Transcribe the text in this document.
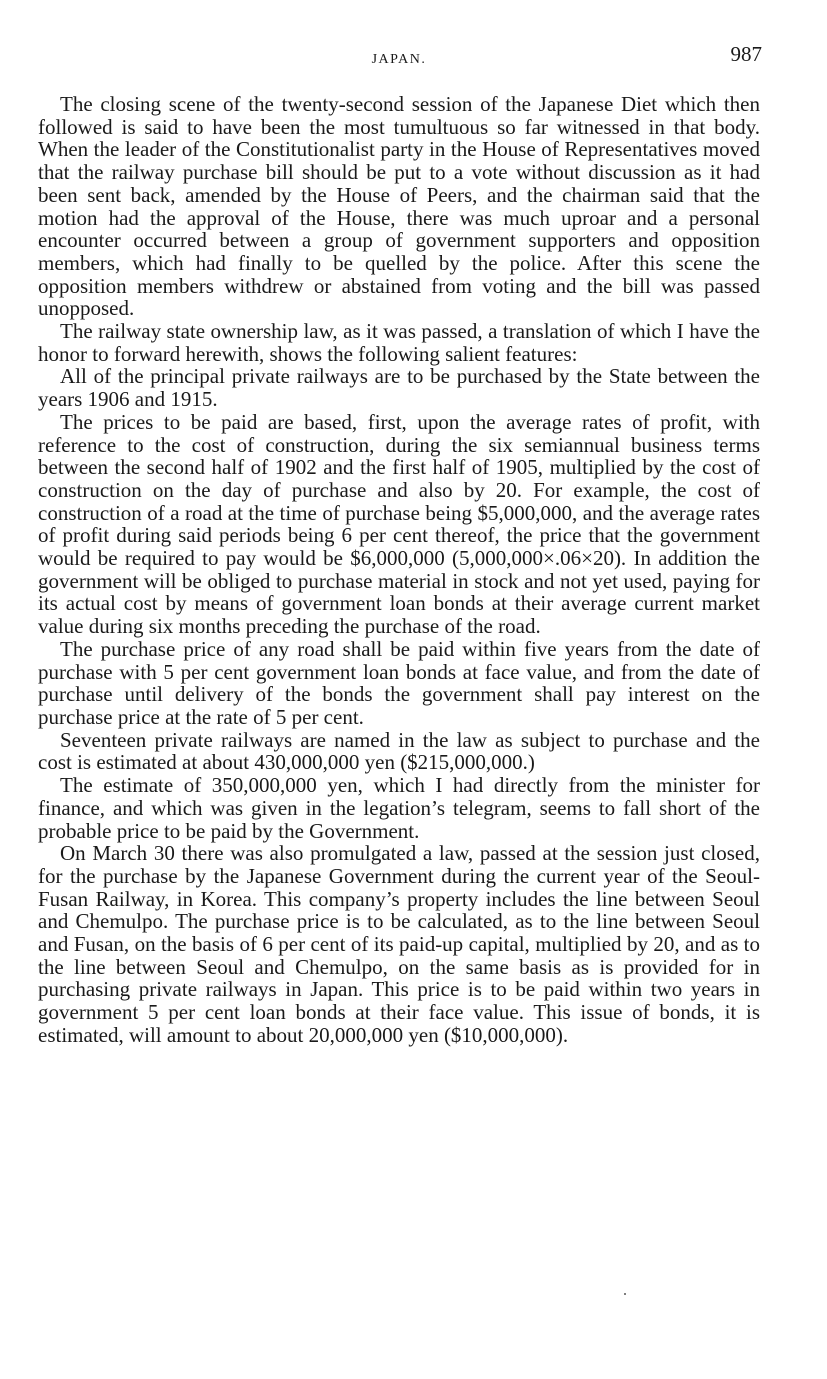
JAPAN.	987

The closing scene of the twenty-second session of the Japanese Diet which then followed is said to have been the most tumultuous so far witnessed in that body. When the leader of the Constitutionalist party in the House of Representatives moved that the railway purchase bill should be put to a vote without discussion as it had been sent back, amended by the House of Peers, and the chairman said that the motion had the approval of the House, there was much uproar and a personal encounter occurred between a group of government supporters and opposition members, which had finally to be quelled by the police. After this scene the opposition members withdrew or abstained from voting and the bill was passed unopposed.

The railway state ownership law, as it was passed, a translation of which I have the honor to forward herewith, shows the following salient features:

All of the principal private railways are to be purchased by the State between the years 1906 and 1915.

The prices to be paid are based, first, upon the average rates of profit, with reference to the cost of construction, during the six semiannual business terms between the second half of 1902 and the first half of 1905, multiplied by the cost of construction on the day of purchase and also by 20. For example, the cost of construction of a road at the time of purchase being $5,000,000, and the average rates of profit during said periods being 6 per cent thereof, the price that the government would be required to pay would be $6,000,000 (5,000,000×.06×20). In addition the government will be obliged to purchase material in stock and not yet used, paying for its actual cost by means of government loan bonds at their average current market value during six months preceding the purchase of the road.

The purchase price of any road shall be paid within five years from the date of purchase with 5 per cent government loan bonds at face value, and from the date of purchase until delivery of the bonds the government shall pay interest on the purchase price at the rate of 5 per cent.

Seventeen private railways are named in the law as subject to purchase and the cost is estimated at about 430,000,000 yen ($215,000,000.)

The estimate of 350,000,000 yen, which I had directly from the minister for finance, and which was given in the legation’s telegram, seems to fall short of the probable price to be paid by the Government.

On March 30 there was also promulgated a law, passed at the session just closed, for the purchase by the Japanese Government during the current year of the Seoul-Fusan Railway, in Korea. This company’s property includes the line between Seoul and Chemulpo. The purchase price is to be calculated, as to the line between Seoul and Fusan, on the basis of 6 per cent of its paid-up capital, multiplied by 20, and as to the line between Seoul and Chemulpo, on the same basis as is provided for in purchasing private railways in Japan. This price is to be paid within two years in government 5 per cent loan bonds at their face value. This issue of bonds, it is estimated, will amount to about 20,000,000 yen ($10,000,000).
